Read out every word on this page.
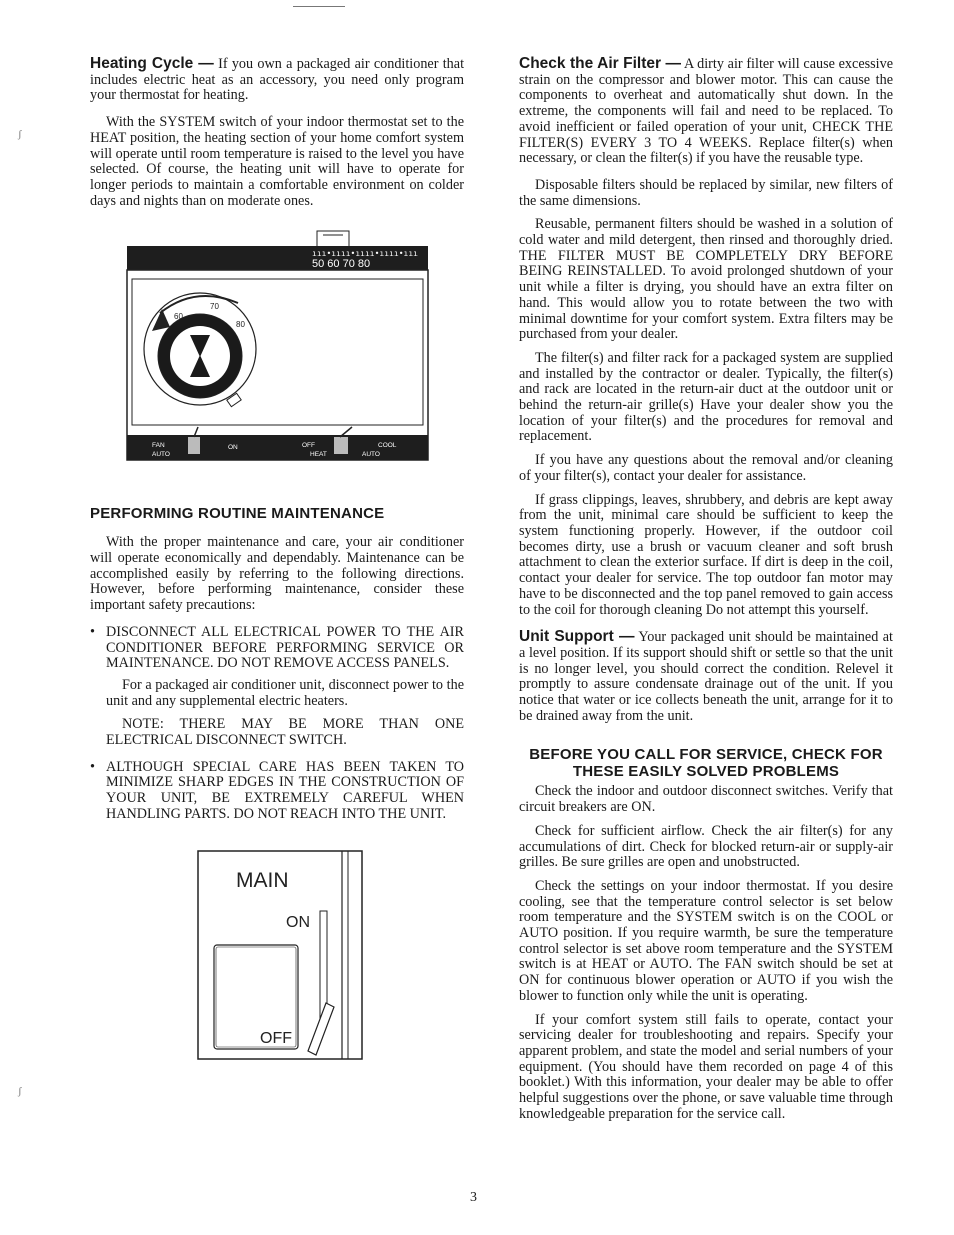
ʃ
ʃ

Heating Cycle — If you own a packaged air conditioner that includes electric heat as an accessory, you need only program your thermostat for heating.

With the SYSTEM switch of your indoor thermostat set to the HEAT position, the heating section of your home comfort system will operate until room temperature is raised to the level you have selected. Of course, the heating unit will have to operate for longer periods to maintain a comfortable environment on colder days and nights than on moderate ones.

ııı•ıııı•ıııı•ıııı•ııı
50 60 70 80
70
60
80
FAN
AUTO
ON	OFF
HEAT
COOL
AUTO
PERFORMING ROUTINE MAINTENANCE

With the proper maintenance and care, your air conditioner will operate economically and dependably. Maintenance can be accomplished easily by referring to the following directions. However, before performing maintenance, consider these important safety precautions:

• DISCONNECT ALL ELECTRICAL POWER TO THE AIR CONDITIONER BEFORE PERFORMING SERVICE OR MAINTENANCE. DO NOT REMOVE ACCESS PANELS.

For a packaged air conditioner unit, disconnect power to the unit and any supplemental electric heaters.

NOTE: THERE MAY BE MORE THAN ONE ELECTRICAL DISCONNECT SWITCH.

• ALTHOUGH SPECIAL CARE HAS BEEN TAKEN TO MINIMIZE SHARP EDGES IN THE CONSTRUCTION OF YOUR UNIT, BE EXTREMELY CAREFUL WHEN HANDLING PARTS. DO NOT REACH INTO THE UNIT.
MAIN
ON
OFF

Check the Air Filter — A dirty air filter will cause excessive strain on the compressor and blower motor. This can cause the components to overheat and automatically shut down. In the extreme, the components will fail and need to be replaced. To avoid inefficient or failed operation of your unit, CHECK THE FILTER(S) EVERY 3 TO 4 WEEKS. Replace filter(s) when necessary, or clean the filter(s) if you have the reusable type.

Disposable filters should be replaced by similar, new filters of the same dimensions.

Reusable, permanent filters should be washed in a solution of cold water and mild detergent, then rinsed and thoroughly dried. THE FILTER MUST BE COMPLETELY DRY BEFORE BEING REINSTALLED. To avoid prolonged shutdown of your unit while a filter is drying, you should have an extra filter on hand. This would allow you to rotate between the two with minimal downtime for your comfort system. Extra filters may be purchased from your dealer.

The filter(s) and filter rack for a packaged system are supplied and installed by the contractor or dealer. Typically, the filter(s) and rack are located in the return-air duct at the outdoor unit or behind the return-air grille(s) Have your dealer show you the location of your filter(s) and the procedures for removal and replacement.

If you have any questions about the removal and/or cleaning of your filter(s), contact your dealer for assistance.

If grass clippings, leaves, shrubbery, and debris are kept away from the unit, minimal care should be sufficient to keep the system functioning properly. However, if the outdoor coil becomes dirty, use a brush or vacuum cleaner and soft brush attachment to clean the exterior surface. If dirt is deep in the coil, contact your dealer for service. The top outdoor fan motor may have to be disconnected and the top panel removed to gain access to the coil for thorough cleaning Do not attempt this yourself.

Unit Support — Your packaged unit should be maintained at a level position. If its support should shift or settle so that the unit is no longer level, you should correct the condition. Relevel it promptly to assure condensate drainage out of the unit. If you notice that water or ice collects beneath the unit, arrange for it to be drained away from the unit.

BEFORE YOU CALL FOR SERVICE, CHECK FOR
THESE EASILY SOLVED PROBLEMS

Check the indoor and outdoor disconnect switches. Verify that circuit breakers are ON.

Check for sufficient airflow. Check the air filter(s) for any accumulations of dirt. Check for blocked return-air or supply-air grilles. Be sure grilles are open and unobstructed.

Check the settings on your indoor thermostat. If you desire cooling, see that the temperature control selector is set below room temperature and the SYSTEM switch is on the COOL or AUTO position. If you require warmth, be sure the temperature control selector is set above room temperature and the SYSTEM switch is at HEAT or AUTO. The FAN switch should be set at ON for continuous blower operation or AUTO if you wish the blower to function only while the unit is operating.

If your comfort system still fails to operate, contact your servicing dealer for troubleshooting and repairs. Specify your apparent problem, and state the model and serial numbers of your equipment. (You should have them recorded on page 4 of this booklet.) With this information, your dealer may be able to offer helpful suggestions over the phone, or save valuable time through knowledgeable preparation for the service call.

3
